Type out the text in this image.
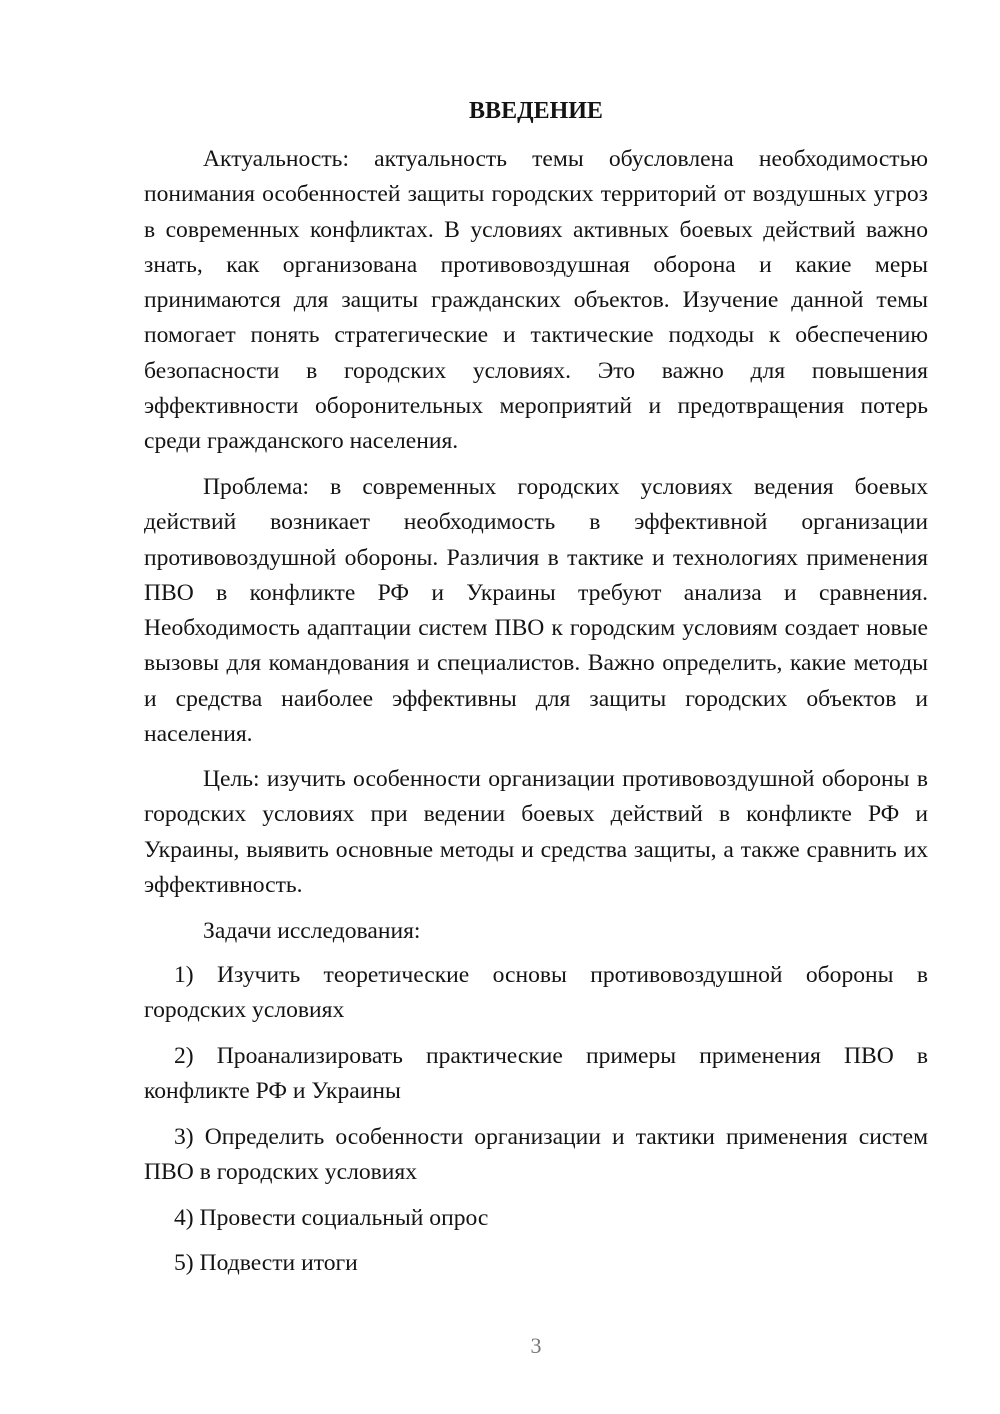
ВВЕДЕНИЕ

Актуальность: актуальность темы обусловлена необходимостью понимания особенностей защиты городских территорий от воздушных угроз в современных конфликтах. В условиях активных боевых действий важно знать, как организована противовоздушная оборона и какие меры принимаются для защиты гражданских объектов. Изучение данной темы помогает понять стратегические и тактические подходы к обеспечению безопасности в городских условиях. Это важно для повышения эффективности оборонительных мероприятий и предотвращения потерь среди гражданского населения.

Проблема: в современных городских условиях ведения боевых действий возникает необходимость в эффективной организации противовоздушной обороны. Различия в тактике и технологиях применения ПВО в конфликте РФ и Украины требуют анализа и сравнения. Необходимость адаптации систем ПВО к городским условиям создает новые вызовы для командования и специалистов. Важно определить, какие методы и средства наиболее эффективны для защиты городских объектов и населения.

Цель: изучить особенности организации противовоздушной обороны в городских условиях при ведении боевых действий в конфликте РФ и Украины, выявить основные методы и средства защиты, а также сравнить их эффективность.

Задачи исследования:

1) Изучить теоретические основы противовоздушной обороны в городских условиях

2) Проанализировать практические примеры применения ПВО в конфликте РФ и Украины

3) Определить особенности организации и тактики применения систем ПВО в городских условиях

4) Провести социальный опрос

5) Подвести итоги

3
